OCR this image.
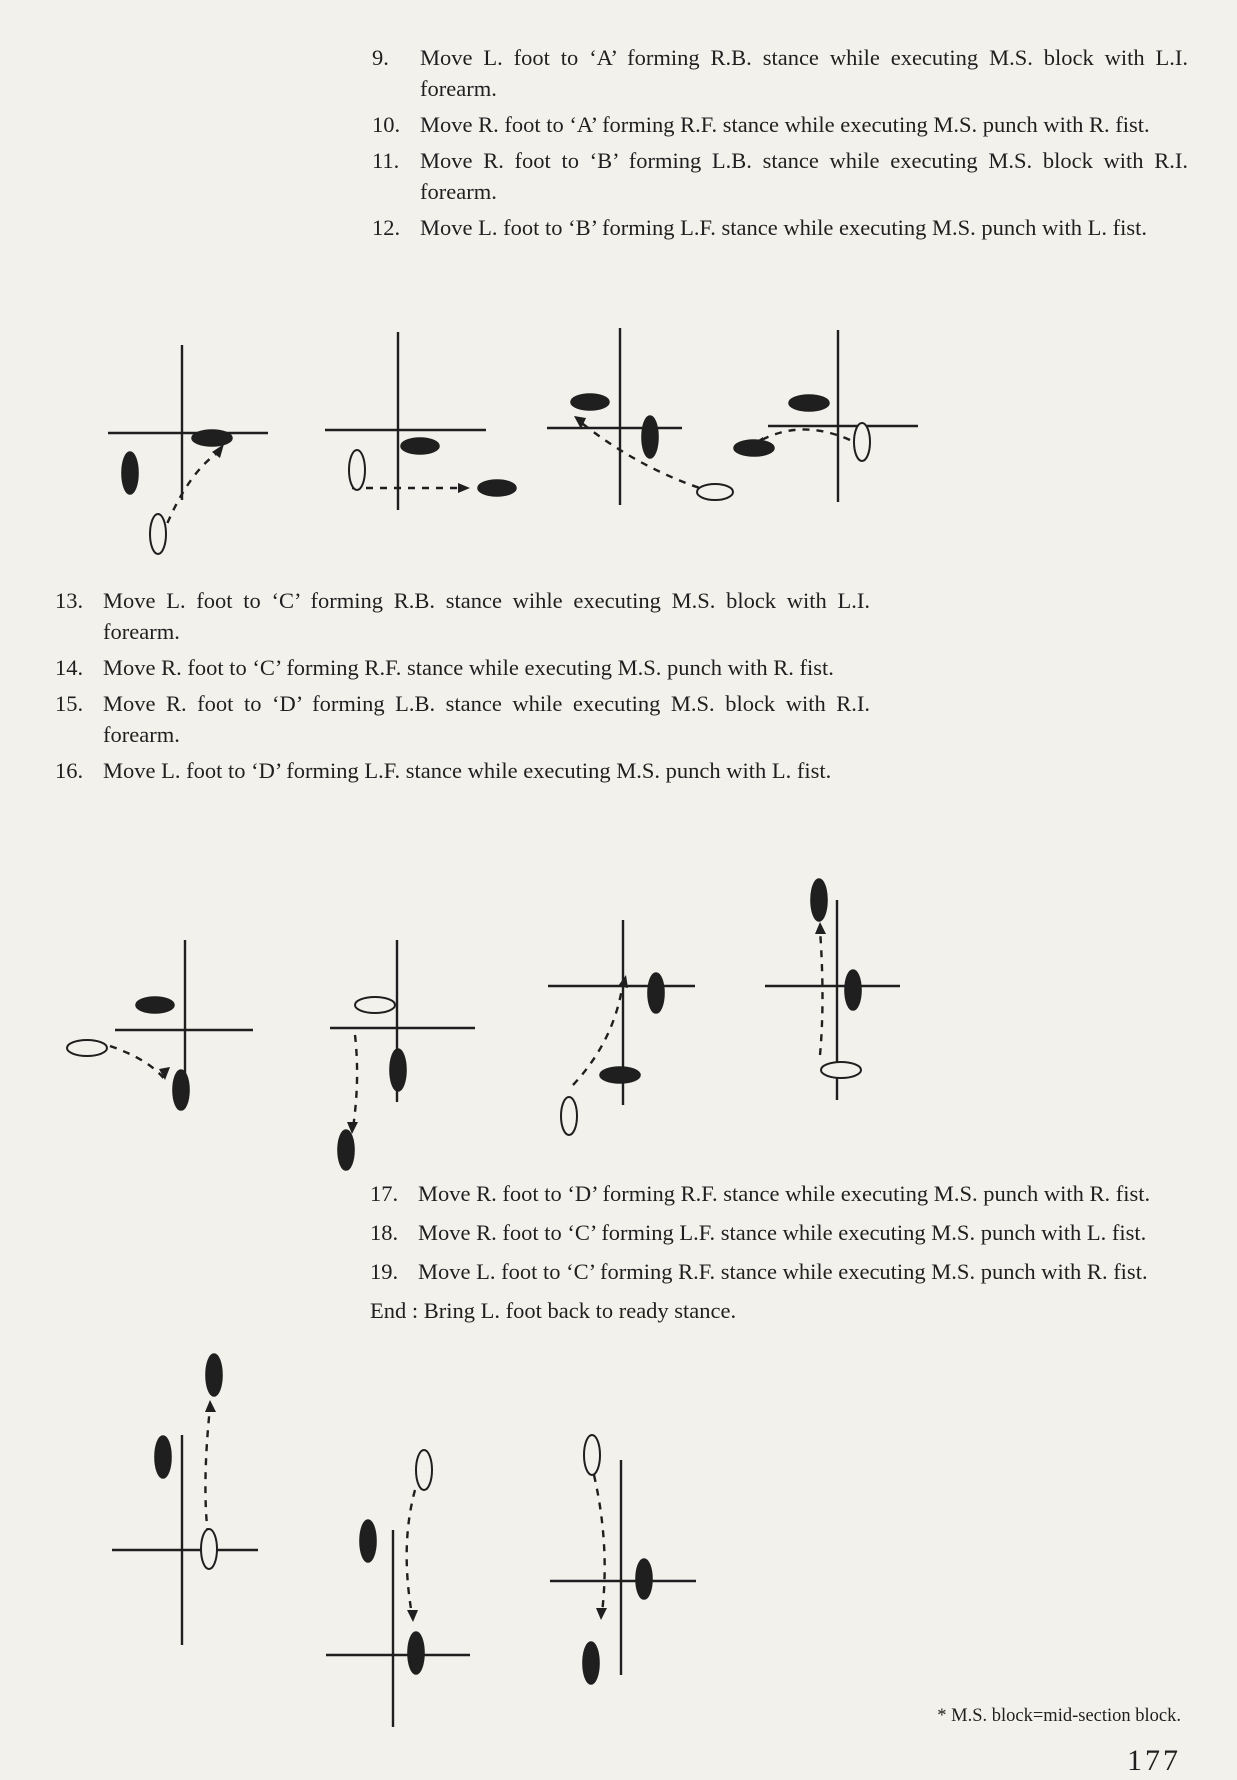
9.	Move L. foot to ‘A’ forming R.B. stance while executing M.S. block with L.I. forearm.
10. Move R. foot to ‘A’ forming R.F. stance while executing M.S. punch with R. fist.
11. Move R. foot to ‘B’ forming L.B. stance while executing M.S. block with R.I. forearm.
12. Move L. foot to ‘B’ forming L.F. stance while executing M.S. punch with L. fist.
13. Move L. foot to ‘C’ forming R.B. stance wihle executing M.S. block with L.I. forearm.
14. Move R. foot to ‘C’ forming R.F. stance while executing M.S. punch with R. fist.
15. Move R. foot to ‘D’ forming L.B. stance while executing M.S. block with R.I. forearm.
16. Move L. foot to ‘D’ forming L.F. stance while executing M.S. punch with L. fist.
17. Move R. foot to ‘D’ forming R.F. stance while executing M.S. punch with R. fist.
18. Move R. foot to ‘C’ forming L.F. stance while executing M.S. punch with L. fist.
19. Move L. foot to ‘C’ forming R.F. stance while executing M.S. punch with R. fist.
End : Bring L. foot back to ready stance.
* M.S. block=mid-section block.
177
